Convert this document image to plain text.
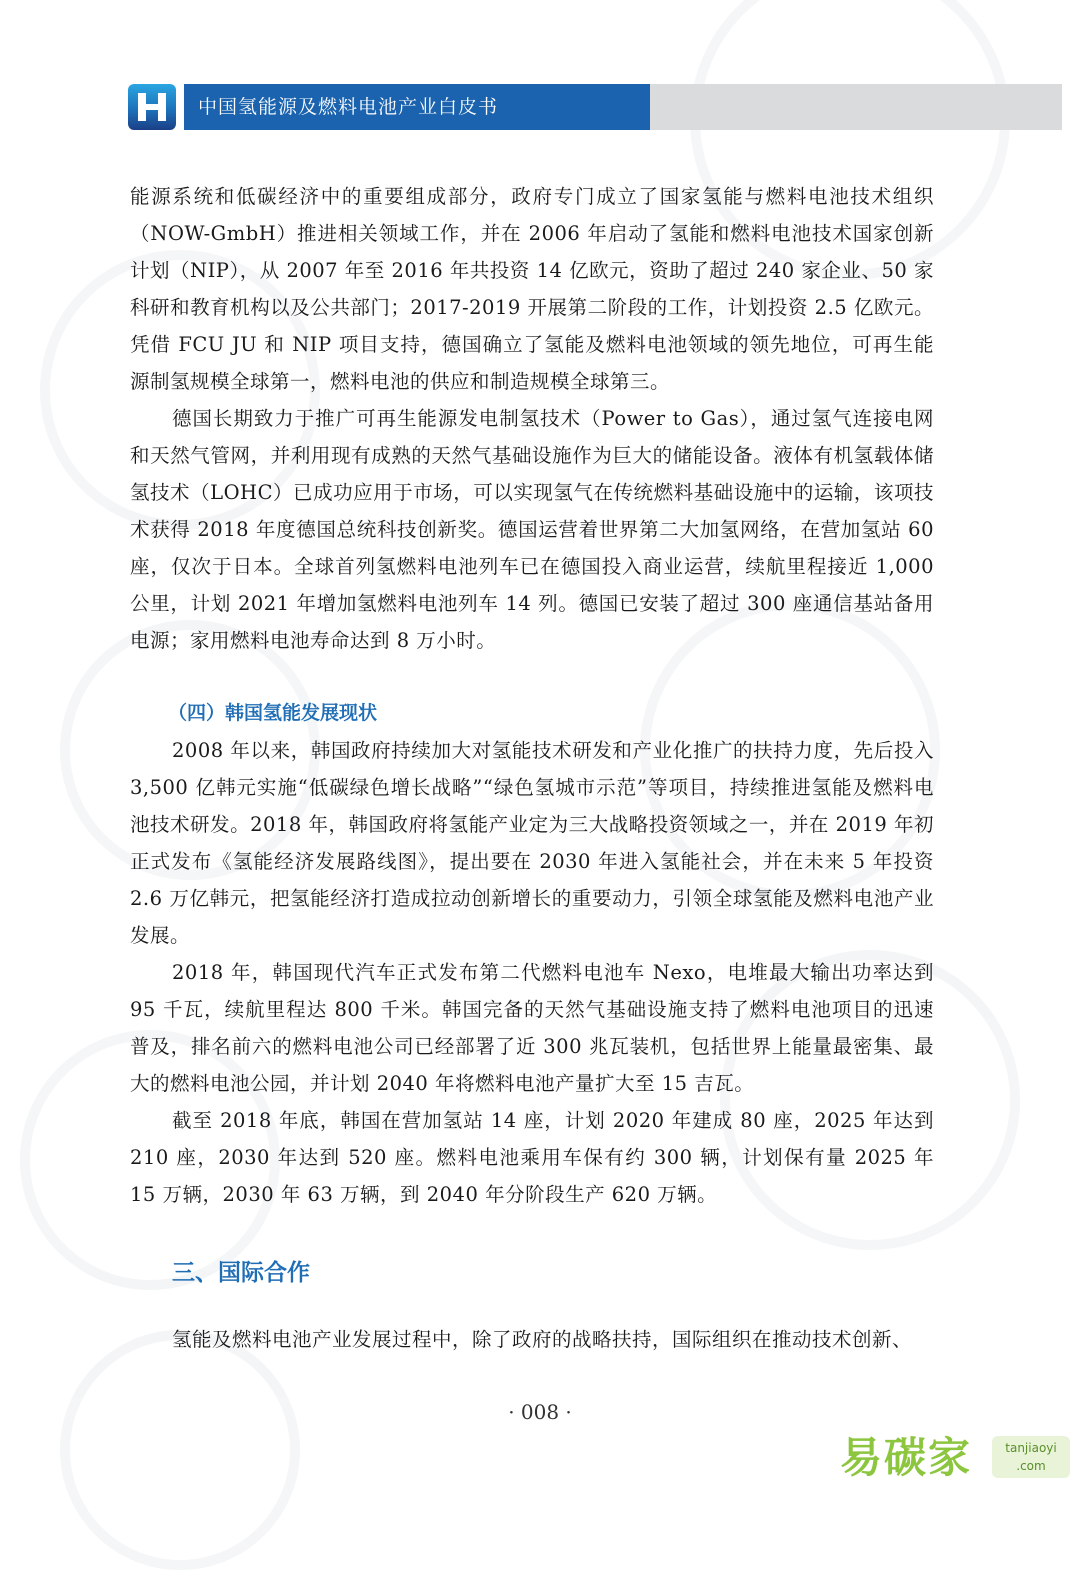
中国氢能源及燃料电池产业白皮书

能源系统和低碳经济中的重要组成部分，政府专门成立了国家氢能与燃料电池技术组织（NOW-GmbH）推进相关领域工作，并在 2006 年启动了氢能和燃料电池技术国家创新计划（NIP），从 2007 年至 2016 年共投资 14 亿欧元，资助了超过 240 家企业、50 家科研和教育机构以及公共部门；2017-2019 开展第二阶段的工作，计划投资 2.5 亿欧元。凭借 FCU JU 和 NIP 项目支持，德国确立了氢能及燃料电池领域的领先地位，可再生能源制氢规模全球第一，燃料电池的供应和制造规模全球第三。

德国长期致力于推广可再生能源发电制氢技术（Power to Gas），通过氢气连接电网和天然气管网，并利用现有成熟的天然气基础设施作为巨大的储能设备。液体有机氢载体储氢技术（LOHC）已成功应用于市场，可以实现氢气在传统燃料基础设施中的运输，该项技术获得 2018 年度德国总统科技创新奖。德国运营着世界第二大加氢网络，在营加氢站 60 座，仅次于日本。全球首列氢燃料电池列车已在德国投入商业运营，续航里程接近 1,000 公里，计划 2021 年增加氢燃料电池列车 14 列。德国已安装了超过 300 座通信基站备用电源；家用燃料电池寿命达到 8 万小时。

（四）韩国氢能发展现状

2008 年以来，韩国政府持续加大对氢能技术研发和产业化推广的扶持力度，先后投入 3,500 亿韩元实施“低碳绿色增长战略”“绿色氢城市示范”等项目，持续推进氢能及燃料电池技术研发。2018 年，韩国政府将氢能产业定为三大战略投资领域之一，并在 2019 年初正式发布《氢能经济发展路线图》，提出要在 2030 年进入氢能社会，并在未来 5 年投资 2.6 万亿韩元，把氢能经济打造成拉动创新增长的重要动力，引领全球氢能及燃料电池产业发展。

2018 年，韩国现代汽车正式发布第二代燃料电池车 Nexo，电堆最大输出功率达到 95 千瓦，续航里程达 800 千米。韩国完备的天然气基础设施支持了燃料电池项目的迅速普及，排名前六的燃料电池公司已经部署了近 300 兆瓦装机，包括世界上能量最密集、最大的燃料电池公园，并计划 2040 年将燃料电池产量扩大至 15 吉瓦。

截至 2018 年底，韩国在营加氢站 14 座，计划 2020 年建成 80 座，2025 年达到 210 座，2030 年达到 520 座。燃料电池乘用车保有约 300 辆，计划保有量 2025 年 15 万辆，2030 年 63 万辆，到 2040 年分阶段生产 620 万辆。

三、国际合作

氢能及燃料电池产业发展过程中，除了政府的战略扶持，国际组织在推动技术创新、

· 008 ·
易碳家	tanjiaoyi
.com
